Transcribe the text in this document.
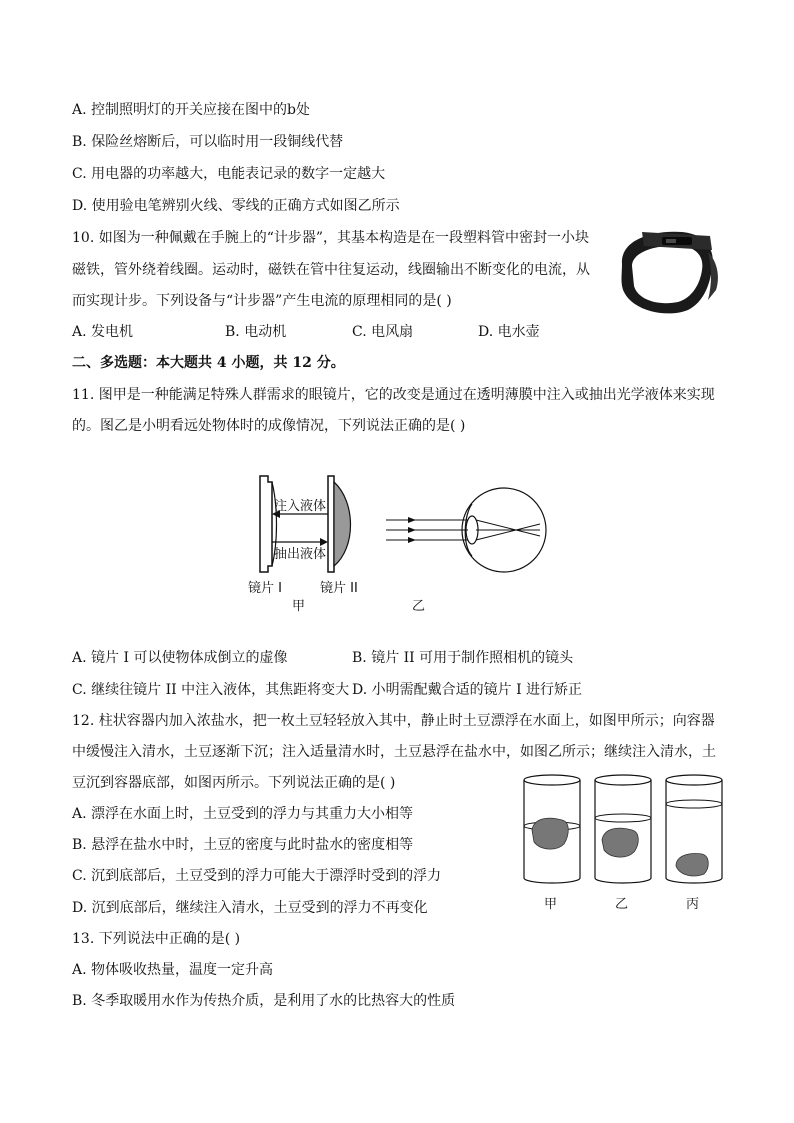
A. 控制照明灯的开关应接在图中的b处
B. 保险丝熔断后，可以临时用一段铜线代替
C. 用电器的功率越大，电能表记录的数字一定越大
D. 使用验电笔辨别火线、零线的正确方式如图乙所示
10. 如图为一种佩戴在手腕上的“计步器”，其基本构造是在一段塑料管中密封一小块
磁铁，管外绕着线圈。运动时，磁铁在管中往复运动，线圈输出不断变化的电流，从
而实现计步。下列设备与“计步器”产生电流的原理相同的是( )
A. 发电机	B. 电动机	C. 电风扇	D. 电水壶
二、多选题：本大题共 4 小题，共 12 分。
11. 图甲是一种能满足特殊人群需求的眼镜片，它的改变是通过在透明薄膜中注入或抽出光学液体来实现
的。图乙是小明看远处物体时的成像情况，下列说法正确的是( )
注入液体
抽出液体
镜片 I	镜片 II
甲	乙
A. 镜片 I 可以使物体成倒立的虚像	B. 镜片 II 可用于制作照相机的镜头
C. 继续往镜片 II 中注入液体，其焦距将变大 D. 小明需配戴合适的镜片 I 进行矫正
12. 柱状容器内加入浓盐水，把一枚土豆轻轻放入其中，静止时土豆漂浮在水面上，如图甲所示；向容器
中缓慢注入清水，土豆逐渐下沉；注入适量清水时，土豆悬浮在盐水中，如图乙所示；继续注入清水，土
豆沉到容器底部，如图丙所示。下列说法正确的是( )
A. 漂浮在水面上时，土豆受到的浮力与其重力大小相等
B. 悬浮在盐水中时，土豆的密度与此时盐水的密度相等
C. 沉到底部后，土豆受到的浮力可能大于漂浮时受到的浮力
D. 沉到底部后，继续注入清水，土豆受到的浮力不再变化	甲	乙	丙
13. 下列说法中正确的是( )
A. 物体吸收热量，温度一定升高
B. 冬季取暖用水作为传热介质，是利用了水的比热容大的性质
